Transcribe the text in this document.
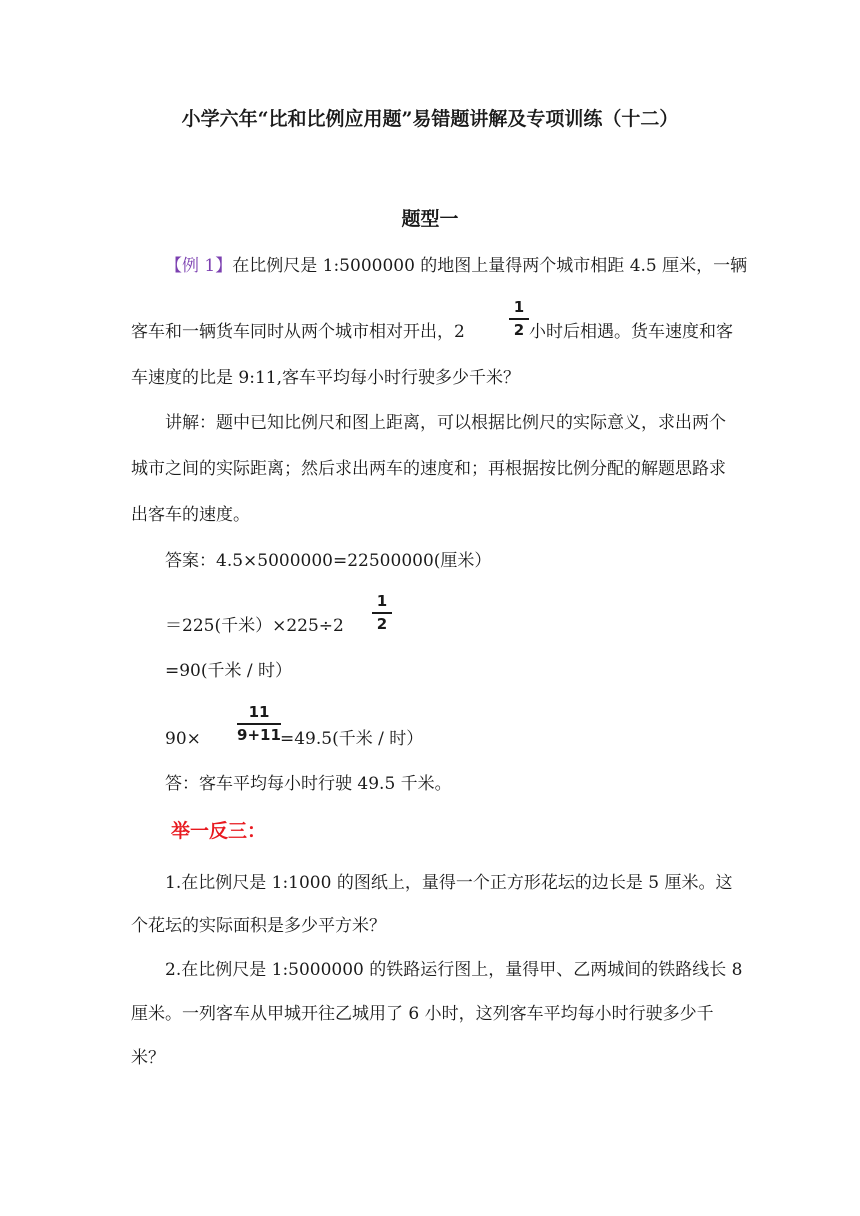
小学六年“比和比例应用题”易错题讲解及专项训练（十二）
题型一
【例 1】在比例尺是 1:5000000 的地图上量得两个城市相距 4.5 厘米，一辆
客车和一辆货车同时从两个城市相对开出，2	$\frac{1}{2}$ 小时后相遇。货车速度和客
车速度的比是 9:11,客车平均每小时行驶多少千米？
讲解：题中已知比例尺和图上距离，可以根据比例尺的实际意义，求出两个
城市之间的实际距离；然后求出两车的速度和；再根据按比例分配的解题思路求
出客车的速度。
答案：4.5×5000000=22500000(厘米）
＝225(千米）$\times 225\div 2 \frac{1}{2}$
=90(千米 / 时）
$90\times \frac{11}{9+11} =49.5$(千米 / 时）
答：客车平均每小时行驶 49.5 千米。
举一反三：
1.在比例尺是 1:1000 的图纸上，量得一个正方形花坛的边长是 5 厘米。这
个花坛的实际面积是多少平方米？
2.在比例尺是 1:5000000 的铁路运行图上，量得甲、乙两城间的铁路线长 8
厘米。一列客车从甲城开往乙城用了 6 小时，这列客车平均每小时行驶多少千
米？
